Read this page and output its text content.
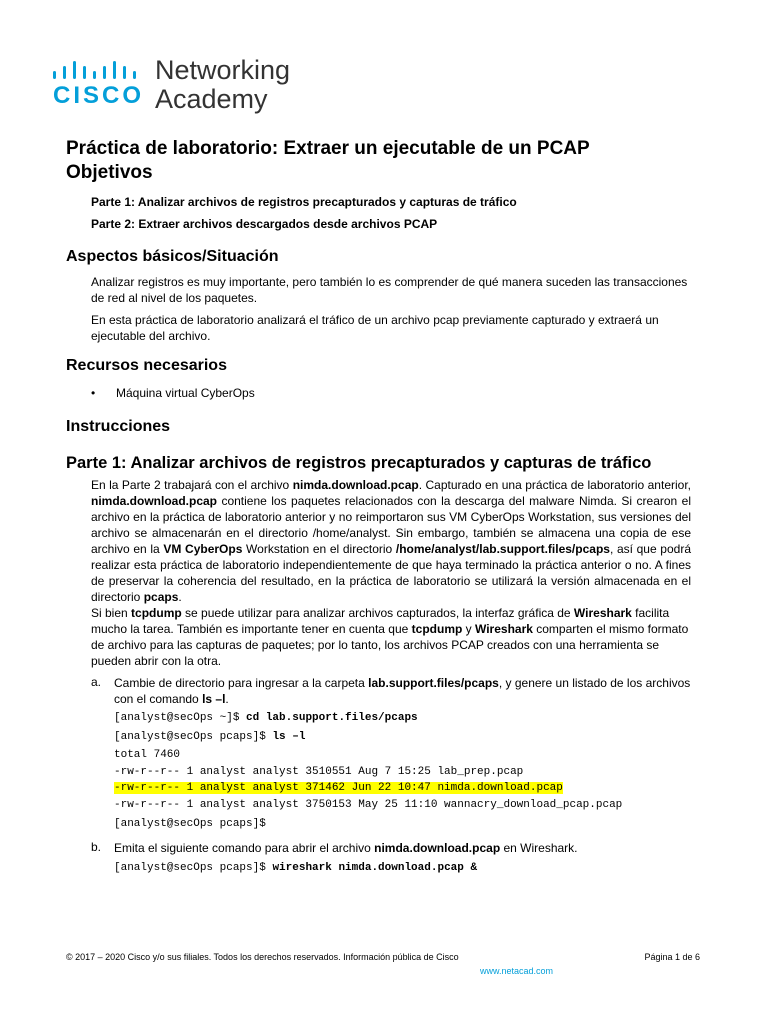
CISCO
Networking
Academy
Práctica de laboratorio: Extraer un ejecutable de un PCAP
Objetivos
Parte 1: Analizar archivos de registros precapturados y capturas de tráfico
Parte 2: Extraer archivos descargados desde archivos PCAP
Aspectos básicos/Situación
Analizar registros es muy importante, pero también lo es comprender de qué manera suceden las transacciones de red al nivel de los paquetes.
En esta práctica de laboratorio analizará el tráfico de un archivo pcap previamente capturado y extraerá un ejecutable del archivo.
Recursos necesarios
• Máquina virtual CyberOps
Instrucciones
Parte 1: Analizar archivos de registros precapturados y capturas de tráfico
En la Parte 2 trabajará con el archivo nimda.download.pcap. Capturado en una práctica de laboratorio anterior, nimda.download.pcap contiene los paquetes relacionados con la descarga del malware Nimda. Si crearon el archivo en la práctica de laboratorio anterior y no reimportaron sus VM CyberOps Workstation, sus versiones del archivo se almacenarán en el directorio /home/analyst. Sin embargo, también se almacena una copia de ese archivo en la VM CyberOps Workstation en el directorio /home/analyst/lab.support.files/pcaps, así que podrá realizar esta práctica de laboratorio independientemente de que haya terminado la práctica anterior o no. A fines de preservar la coherencia del resultado, en la práctica de laboratorio se utilizará la versión almacenada en el directorio pcaps.
Si bien tcpdump se puede utilizar para analizar archivos capturados, la interfaz gráfica de Wireshark facilita mucho la tarea. También es importante tener en cuenta que tcpdump y Wireshark comparten el mismo formato de archivo para las capturas de paquetes; por lo tanto, los archivos PCAP creados con una herramienta se pueden abrir con la otra.
a. Cambie de directorio para ingresar a la carpeta lab.support.files/pcaps, y genere un listado de los archivos con el comando ls –l.
[analyst@secOps ~]$ cd lab.support.files/pcaps
[analyst@secOps pcaps]$ ls –l
total 7460
-rw-r--r-- 1 analyst analyst 3510551 Aug 7 15:25 lab_prep.pcap
-rw-r--r-- 1 analyst analyst 371462 Jun 22 10:47 nimda.download.pcap
-rw-r--r-- 1 analyst analyst 3750153 May 25 11:10 wannacry_download_pcap.pcap
[analyst@secOps pcaps]$
b. Emita el siguiente comando para abrir el archivo nimda.download.pcap en Wireshark.
[analyst@secOps pcaps]$ wireshark nimda.download.pcap &
© 2017 – 2020 Cisco y/o sus filiales. Todos los derechos reservados. Información pública de Cisco	Página 1 de 6
www.netacad.com
